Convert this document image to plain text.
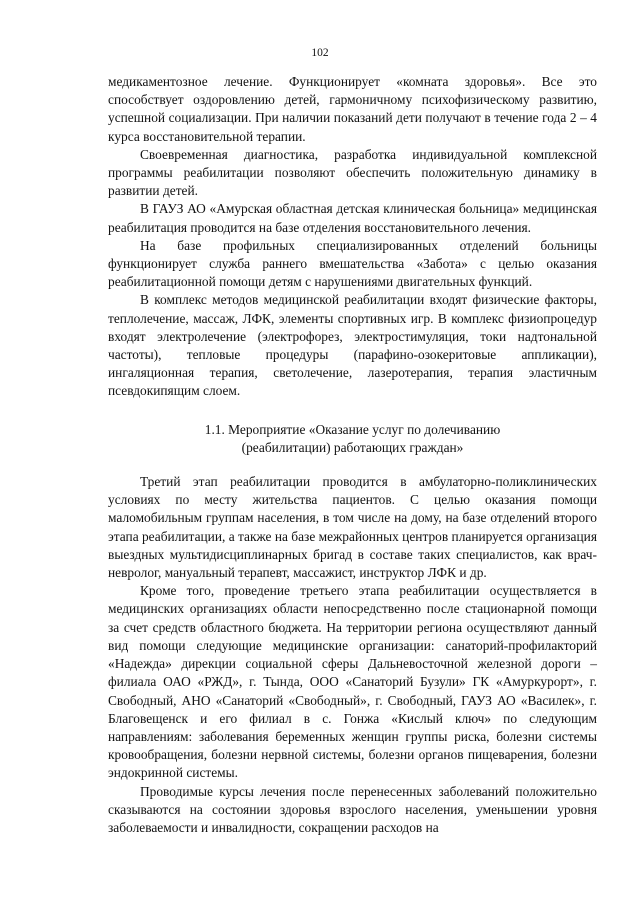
102

медикаментозное лечение. Функционирует «комната здоровья». Все это способствует оздоровлению детей, гармоничному психофизическому развитию, успешной социализации. При наличии показаний дети получают в течение года 2 – 4 курса восстановительной терапии.

Своевременная диагностика, разработка индивидуальной комплексной программы реабилитации позволяют обеспечить положительную динамику в развитии детей.

В ГАУЗ АО «Амурская областная детская клиническая больница» медицинская реабилитация проводится на базе отделения восстановительного лечения.

На базе профильных специализированных отделений больницы функционирует служба раннего вмешательства «Забота» с целью оказания реабилитационной помощи детям с нарушениями двигательных функций.

В комплекс методов медицинской реабилитации входят физические факторы, теплолечение, массаж, ЛФК, элементы спортивных игр. В комплекс физиопроцедур входят электролечение (электрофорез, электростимуляция, токи надтональной частоты), тепловые процедуры (парафино-озокеритовые аппликации), ингаляционная терапия, светолечение, лазеротерапия, терапия эластичным псевдокипящим слоем.

1.1. Мероприятие «Оказание услуг по долечиванию
(реабилитации) работающих граждан»

Третий этап реабилитации проводится в амбулаторно-поликлинических условиях по месту жительства пациентов. С целью оказания помощи маломобильным группам населения, в том числе на дому, на базе отделений второго этапа реабилитации, а также на базе межрайонных центров планируется организация выездных мультидисциплинарных бригад в составе таких специалистов, как врач-невролог, мануальный терапевт, массажист, инструктор ЛФК и др.

Кроме того, проведение третьего этапа реабилитации осуществляется в медицинских организациях области непосредственно после стационарной помощи за счет средств областного бюджета. На территории региона осуществляют данный вид помощи следующие медицинские организации: санаторий-профилакторий «Надежда» дирекции социальной сферы Дальневосточной железной дороги – филиала ОАО «РЖД», г. Тында, ООО «Санаторий Бузули» ГК «Амуркурорт», г. Свободный, АНО «Санаторий «Свободный», г. Свободный, ГАУЗ АО «Василек», г. Благовещенск и его филиал в с. Гонжа «Кислый ключ» по следующим направлениям: заболевания беременных женщин группы риска, болезни системы кровообращения, болезни нервной системы, болезни органов пищеварения, болезни эндокринной системы.

Проводимые курсы лечения после перенесенных заболеваний положительно сказываются на состоянии здоровья взрослого населения, уменьшении уровня заболеваемости и инвалидности, сокращении расходов на
